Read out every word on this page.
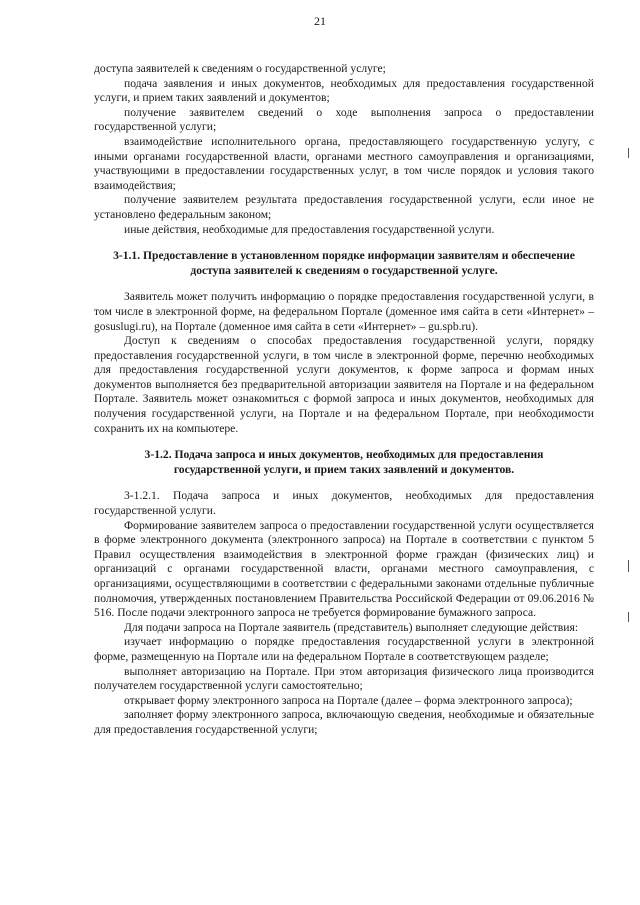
21

доступа заявителей к сведениям о государственной услуге;

подача заявления и иных документов, необходимых для предоставления государственной услуги, и прием таких заявлений и документов;

получение заявителем сведений о ходе выполнения запроса о предоставлении государственной услуги;

взаимодействие исполнительного органа, предоставляющего государственную услугу, с иными органами государственной власти, органами местного самоуправления и организациями, участвующими в предоставлении государственных услуг, в том числе порядок и условия такого взаимодействия;

получение заявителем результата предоставления государственной услуги, если иное не установлено федеральным законом;

иные действия, необходимые для предоставления государственной услуги.

3-1.1. Предоставление в установленном порядке информации заявителям и обеспечение доступа заявителей к сведениям о государственной услуге.

Заявитель может получить информацию о порядке предоставления государственной услуги, в том числе в электронной форме, на федеральном Портале (доменное имя сайта в сети «Интернет» – gosuslugi.ru), на Портале (доменное имя сайта в сети «Интернет» – gu.spb.ru).

Доступ к сведениям о способах предоставления государственной услуги, порядку предоставления государственной услуги, в том числе в электронной форме, перечню необходимых для предоставления государственной услуги документов, к форме запроса и формам иных документов выполняется без предварительной авторизации заявителя на Портале и на федеральном Портале. Заявитель может ознакомиться с формой запроса и иных документов, необходимых для получения государственной услуги, на Портале и на федеральном Портале, при необходимости сохранить их на компьютере.

3-1.2. Подача запроса и иных документов, необходимых для предоставления государственной услуги, и прием таких заявлений и документов.

3-1.2.1. Подача запроса и иных документов, необходимых для предоставления государственной услуги.

Формирование заявителем запроса о предоставлении государственной услуги осуществляется в форме электронного документа (электронного запроса) на Портале в соответствии с пунктом 5 Правил осуществления взаимодействия в электронной форме граждан (физических лиц) и организаций с органами государственной власти, органами местного самоуправления, с организациями, осуществляющими в соответствии с федеральными законами отдельные публичные полномочия, утвержденных постановлением Правительства Российской Федерации от 09.06.2016 № 516. После подачи электронного запроса не требуется формирование бумажного запроса.

Для подачи запроса на Портале заявитель (представитель) выполняет следующие действия:

изучает информацию о порядке предоставления государственной услуги в электронной форме, размещенную на Портале или на федеральном Портале в соответствующем разделе;

выполняет авторизацию на Портале. При этом авторизация физического лица производится получателем государственной услуги самостоятельно;

открывает форму электронного запроса на Портале (далее – форма электронного запроса);

заполняет форму электронного запроса, включающую сведения, необходимые и обязательные для предоставления государственной услуги;
